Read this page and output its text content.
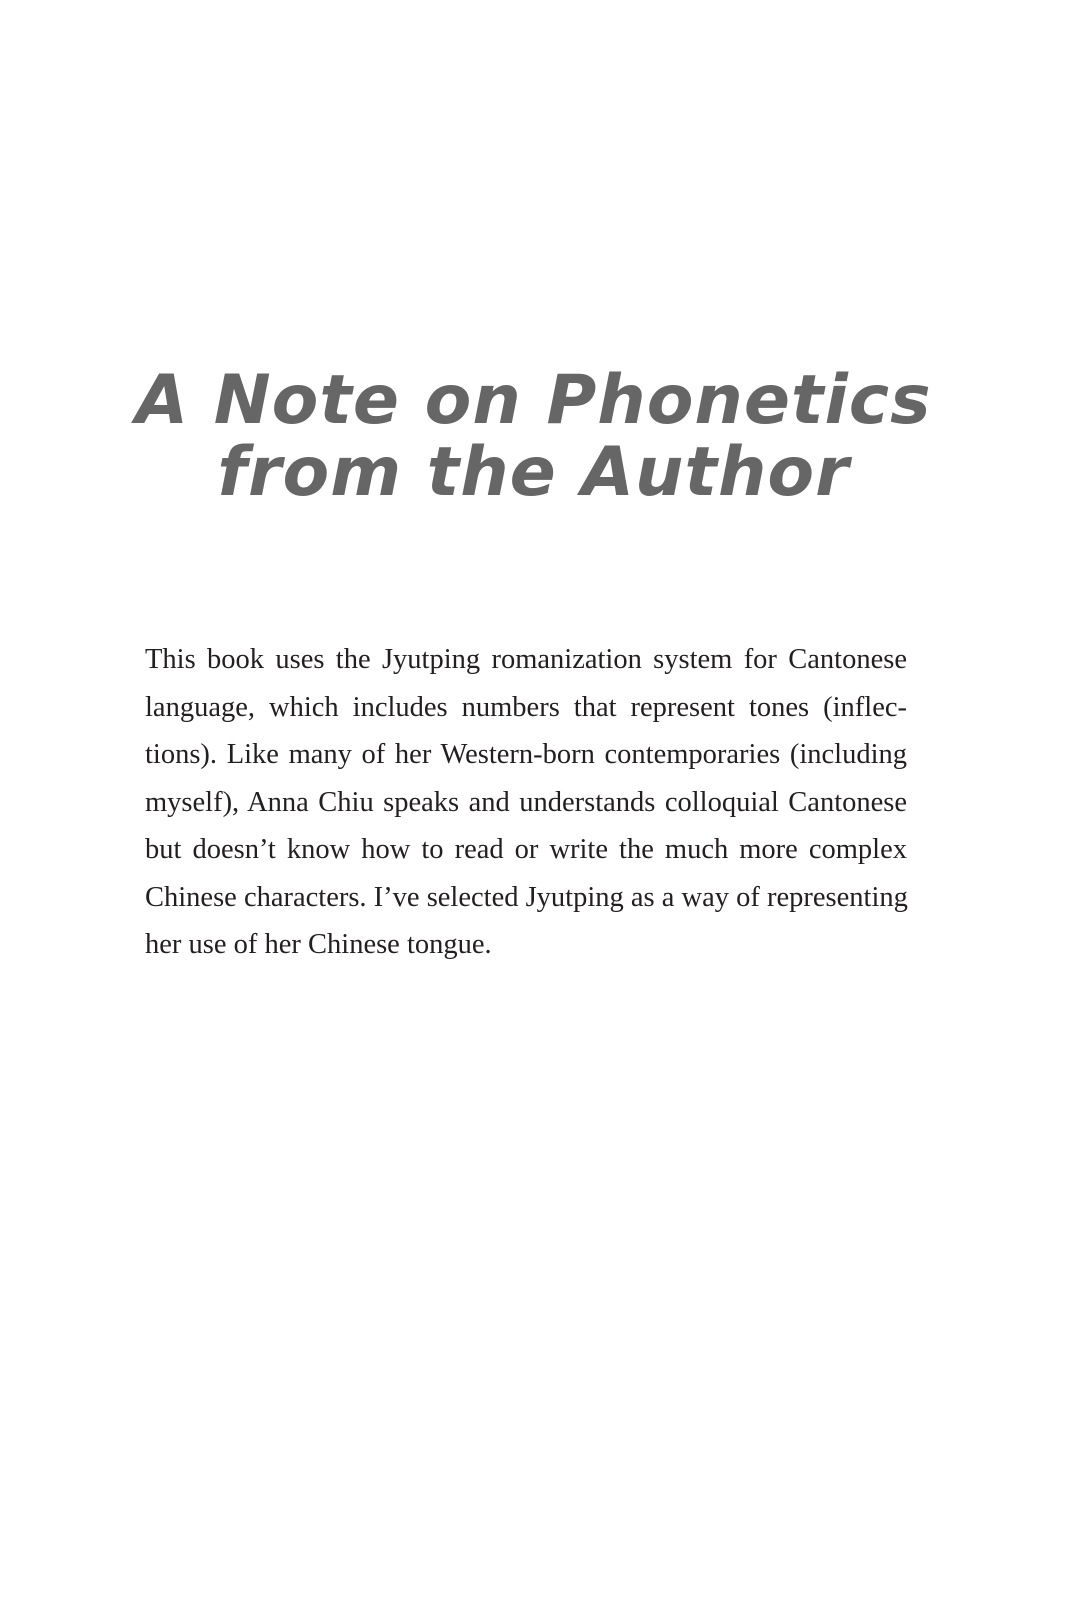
A Note on Phonetics
from the Author
This book uses the Jyutping romanization system for Cantonese
language, which includes numbers that represent tones (inflec-
tions). Like many of her Western-born contemporaries (including
myself), Anna Chiu speaks and understands colloquial Cantonese
but doesn’t know how to read or write the much more complex
Chinese characters. I’ve selected Jyutping as a way of representing
her use of her Chinese tongue.
